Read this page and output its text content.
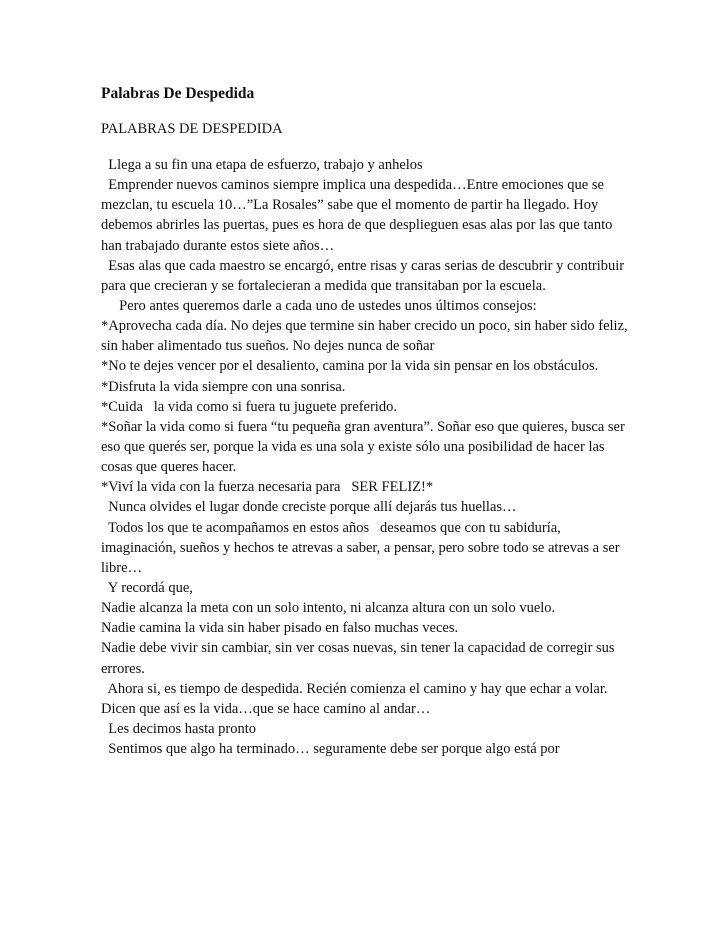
Palabras De Despedida
PALABRAS DE DESPEDIDA
Llega a su fin una etapa de esfuerzo, trabajo y anhelos
Emprender nuevos caminos siempre implica una despedida…Entre emociones que se
mezclan, tu escuela 10…”La Rosales” sabe que el momento de partir ha llegado. Hoy
debemos abrirles las puertas, pues es hora de que desplieguen esas alas por las que tanto
han trabajado durante estos siete años…
Esas alas que cada maestro se encargó, entre risas y caras serias de descubrir y contribuir
para que crecieran y se fortalecieran a medida que transitaban por la escuela.
Pero antes queremos darle a cada uno de ustedes unos últimos consejos:
*Aprovecha cada día. No dejes que termine sin haber crecido un poco, sin haber sido feliz,
sin haber alimentado tus sueños. No dejes nunca de soñar
*No te dejes vencer por el desaliento, camina por la vida sin pensar en los obstáculos.
*Disfruta la vida siempre con una sonrisa.
*Cuida   la vida como si fuera tu juguete preferido.
*Soñar la vida como si fuera “tu pequeña gran aventura”. Soñar eso que quieres, busca ser
eso que querés ser, porque la vida es una sola y existe sólo una posibilidad de hacer las
cosas que queres hacer.
*Viví la vida con la fuerza necesaria para   SER FELIZ!*
Nunca olvides el lugar donde creciste porque allí dejarás tus huellas…
Todos los que te acompañamos en estos años   deseamos que con tu sabiduría,
imaginación, sueños y hechos te atrevas a saber, a pensar, pero sobre todo se atrevas a ser
libre…
Y recordá que,
Nadie alcanza la meta con un solo intento, ni alcanza altura con un solo vuelo.
Nadie camina la vida sin haber pisado en falso muchas veces.
Nadie debe vivir sin cambiar, sin ver cosas nuevas, sin tener la capacidad de corregir sus
errores.
Ahora si, es tiempo de despedida. Recién comienza el camino y hay que echar a volar.
Dicen que así es la vida…que se hace camino al andar…
Les decimos hasta pronto
Sentimos que algo ha terminado… seguramente debe ser porque algo está por
